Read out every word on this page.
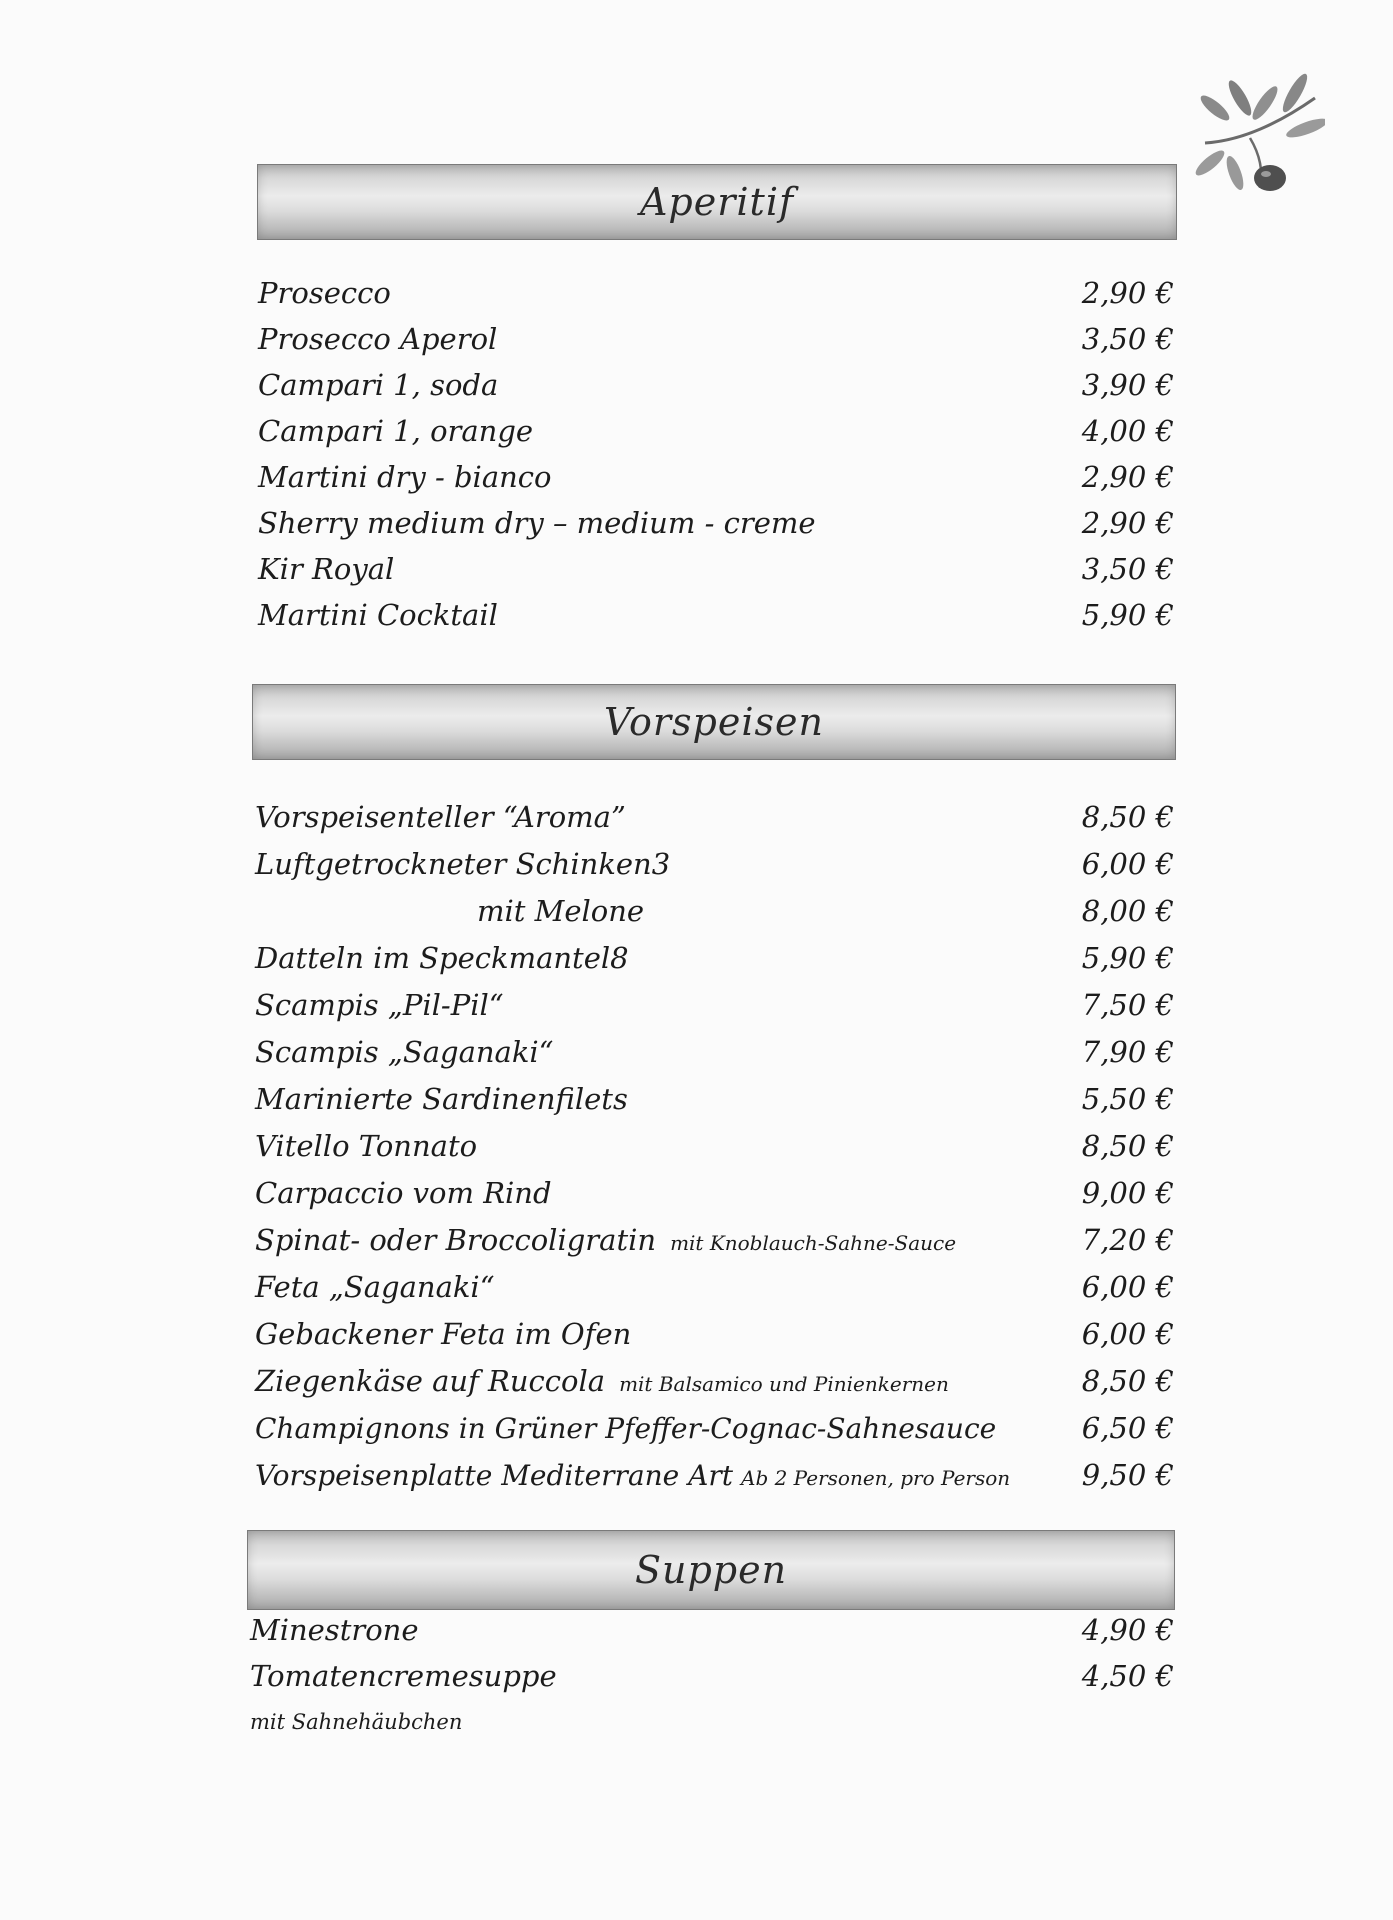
Aperitif
Prosecco	2,90 €
Prosecco Aperol	3,50 €
Campari 1, soda	3,90 €
Campari 1, orange	4,00 €
Martini dry - bianco	2,90 €
Sherry medium dry – medium - creme	2,90 €
Kir Royal	3,50 €
Martini Cocktail	5,90 €
Vorspeisen
Vorspeisenteller “Aroma”	8,50 €
Luftgetrockneter Schinken3	6,00 €
mit Melone	8,00 €
Datteln im Speckmantel8	5,90 €
Scampis „Pil-Pil“	7,50 €
Scampis „Saganaki“	7,90 €
Marinierte Sardinenfilets	5,50 €
Vitello Tonnato	8,50 €
Carpaccio vom Rind	9,00 €
Spinat- oder Broccoligratin mit Knoblauch-Sahne-Sauce	7,20 €
Feta „Saganaki“	6,00 €
Gebackener Feta im Ofen	6,00 €
Ziegenkäse auf Ruccola mit Balsamico und Pinienkernen	8,50 €
Champignons in Grüner Pfeffer-Cognac-Sahnesauce	6,50 €
Vorspeisenplatte Mediterrane Art Ab 2 Personen, pro Person 9,50 €
Suppen
Minestrone	4,90 €
Tomatencremesuppe	4,50 €
mit Sahnehäubchen
